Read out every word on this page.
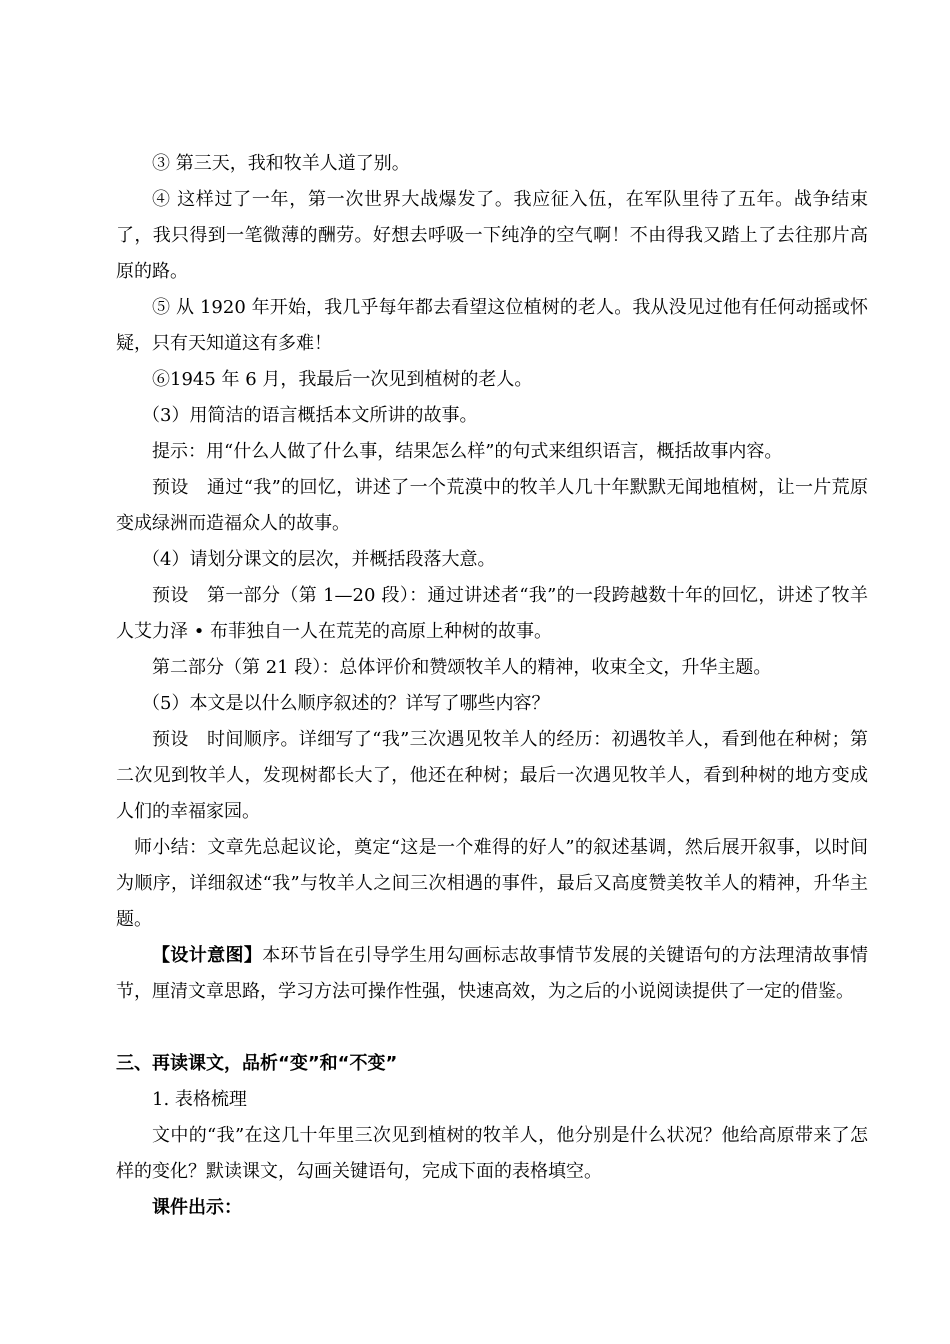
③ 第三天，我和牧羊人道了别。

④ 这样过了一年，第一次世界大战爆发了。我应征入伍，在军队里待了五年。战争结束了，我只得到一笔微薄的酬劳。好想去呼吸一下纯净的空气啊！不由得我又踏上了去往那片高原的路。

⑤ 从 1920 年开始，我几乎每年都去看望这位植树的老人。我从没见过他有任何动摇或怀疑，只有天知道这有多难！

⑥1945 年 6 月，我最后一次见到植树的老人。

（3）用简洁的语言概括本文所讲的故事。

提示：用“什么人做了什么事，结果怎么样”的句式来组织语言，概括故事内容。

预设　通过“我”的回忆，讲述了一个荒漠中的牧羊人几十年默默无闻地植树，让一片荒原变成绿洲而造福众人的故事。

（4）请划分课文的层次，并概括段落大意。

预设　第一部分（第 1—20 段）：通过讲述者“我”的一段跨越数十年的回忆，讲述了牧羊人艾力泽 • 布菲独自一人在荒芜的高原上种树的故事。

第二部分（第 21 段）：总体评价和赞颂牧羊人的精神，收束全文，升华主题。

（5）本文是以什么顺序叙述的？详写了哪些内容？

预设　时间顺序。详细写了“我”三次遇见牧羊人的经历：初遇牧羊人，看到他在种树；第二次见到牧羊人，发现树都长大了，他还在种树；最后一次遇见牧羊人，看到种树的地方变成人们的幸福家园。

师小结：文章先总起议论，奠定“这是一个难得的好人”的叙述基调，然后展开叙事，以时间为顺序，详细叙述“我”与牧羊人之间三次相遇的事件，最后又高度赞美牧羊人的精神，升华主题。

【设计意图】本环节旨在引导学生用勾画标志故事情节发展的关键语句的方法理清故事情节，厘清文章思路，学习方法可操作性强，快速高效，为之后的小说阅读提供了一定的借鉴。

三、再读课文，品析“变”和“不变”

1. 表格梳理

文中的“我”在这几十年里三次见到植树的牧羊人，他分别是什么状况？他给高原带来了怎样的变化？默读课文，勾画关键语句，完成下面的表格填空。

课件出示：
